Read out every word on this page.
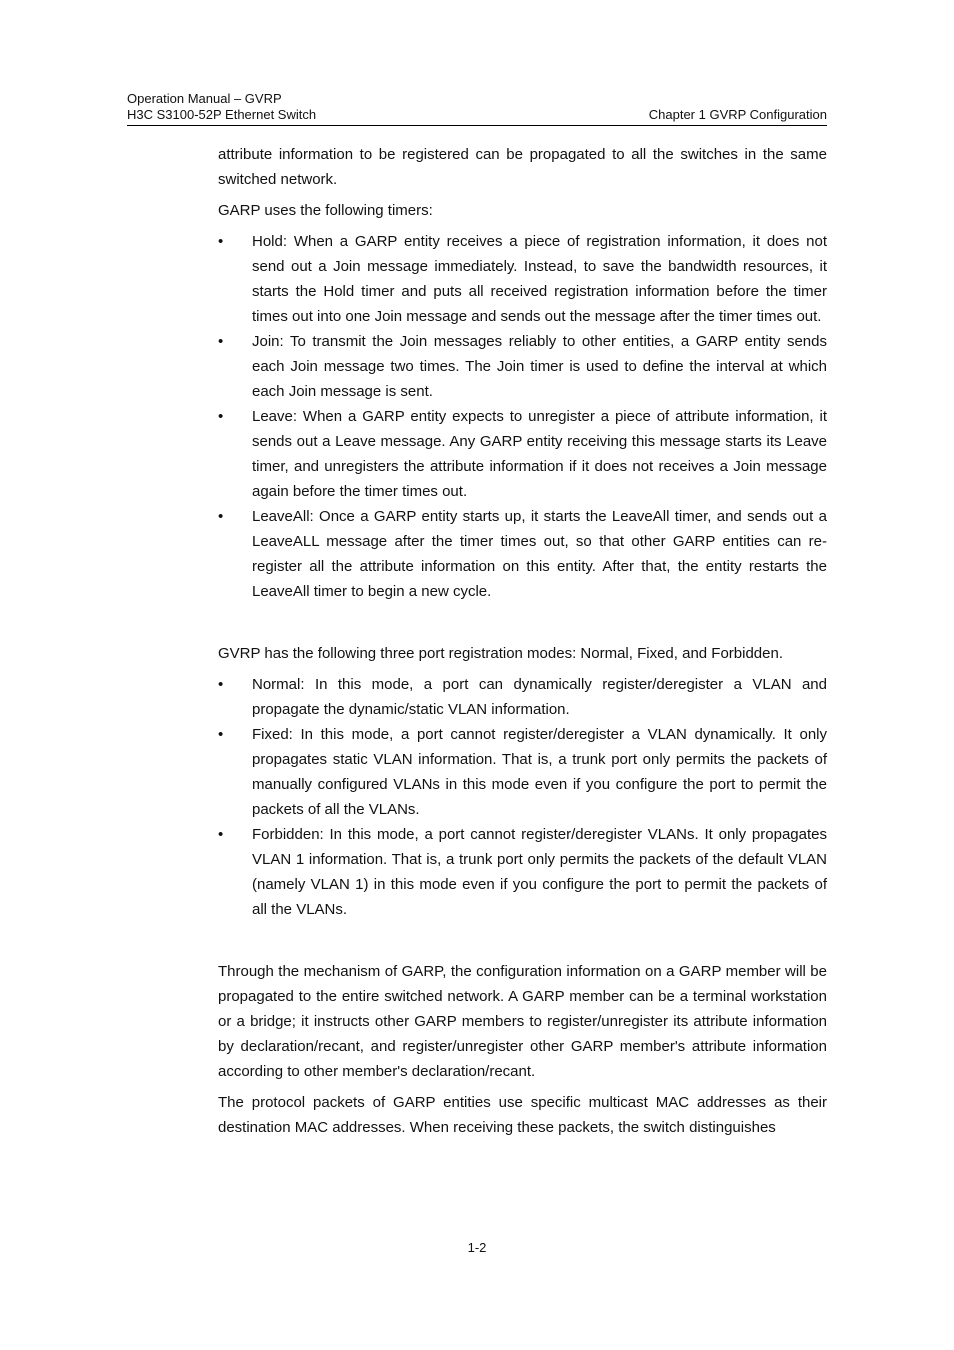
Operation Manual – GVRP
H3C S3100-52P Ethernet Switch	Chapter 1 GVRP Configuration

attribute information to be registered can be propagated to all the switches in the same switched network.

GARP uses the following timers:

•	Hold: When a GARP entity receives a piece of registration information, it does not send out a Join message immediately. Instead, to save the bandwidth resources, it starts the Hold timer and puts all received registration information before the timer times out into one Join message and sends out the message after the timer times out.
•	Join: To transmit the Join messages reliably to other entities, a GARP entity sends each Join message two times. The Join timer is used to define the interval at which each Join message is sent.
•	Leave: When a GARP entity expects to unregister a piece of attribute information, it sends out a Leave message. Any GARP entity receiving this message starts its Leave timer, and unregisters the attribute information if it does not receives a Join message again before the timer times out.
•	LeaveAll: Once a GARP entity starts up, it starts the LeaveAll timer, and sends out a LeaveALL message after the timer times out, so that other GARP entities can re-register all the attribute information on this entity. After that, the entity restarts the LeaveAll timer to begin a new cycle.

GVRP has the following three port registration modes: Normal, Fixed, and Forbidden.

•	Normal: In this mode, a port can dynamically register/deregister a VLAN and propagate the dynamic/static VLAN information.
•	Fixed: In this mode, a port cannot register/deregister a VLAN dynamically. It only propagates static VLAN information. That is, a trunk port only permits the packets of manually configured VLANs in this mode even if you configure the port to permit the packets of all the VLANs.
•	Forbidden: In this mode, a port cannot register/deregister VLANs. It only propagates VLAN 1 information. That is, a trunk port only permits the packets of the default VLAN (namely VLAN 1) in this mode even if you configure the port to permit the packets of all the VLANs.

Through the mechanism of GARP, the configuration information on a GARP member will be propagated to the entire switched network. A GARP member can be a terminal workstation or a bridge; it instructs other GARP members to register/unregister its attribute information by declaration/recant, and register/unregister other GARP member's attribute information according to other member's declaration/recant.

The protocol packets of GARP entities use specific multicast MAC addresses as their destination MAC addresses. When receiving these packets, the switch distinguishes

1-2
